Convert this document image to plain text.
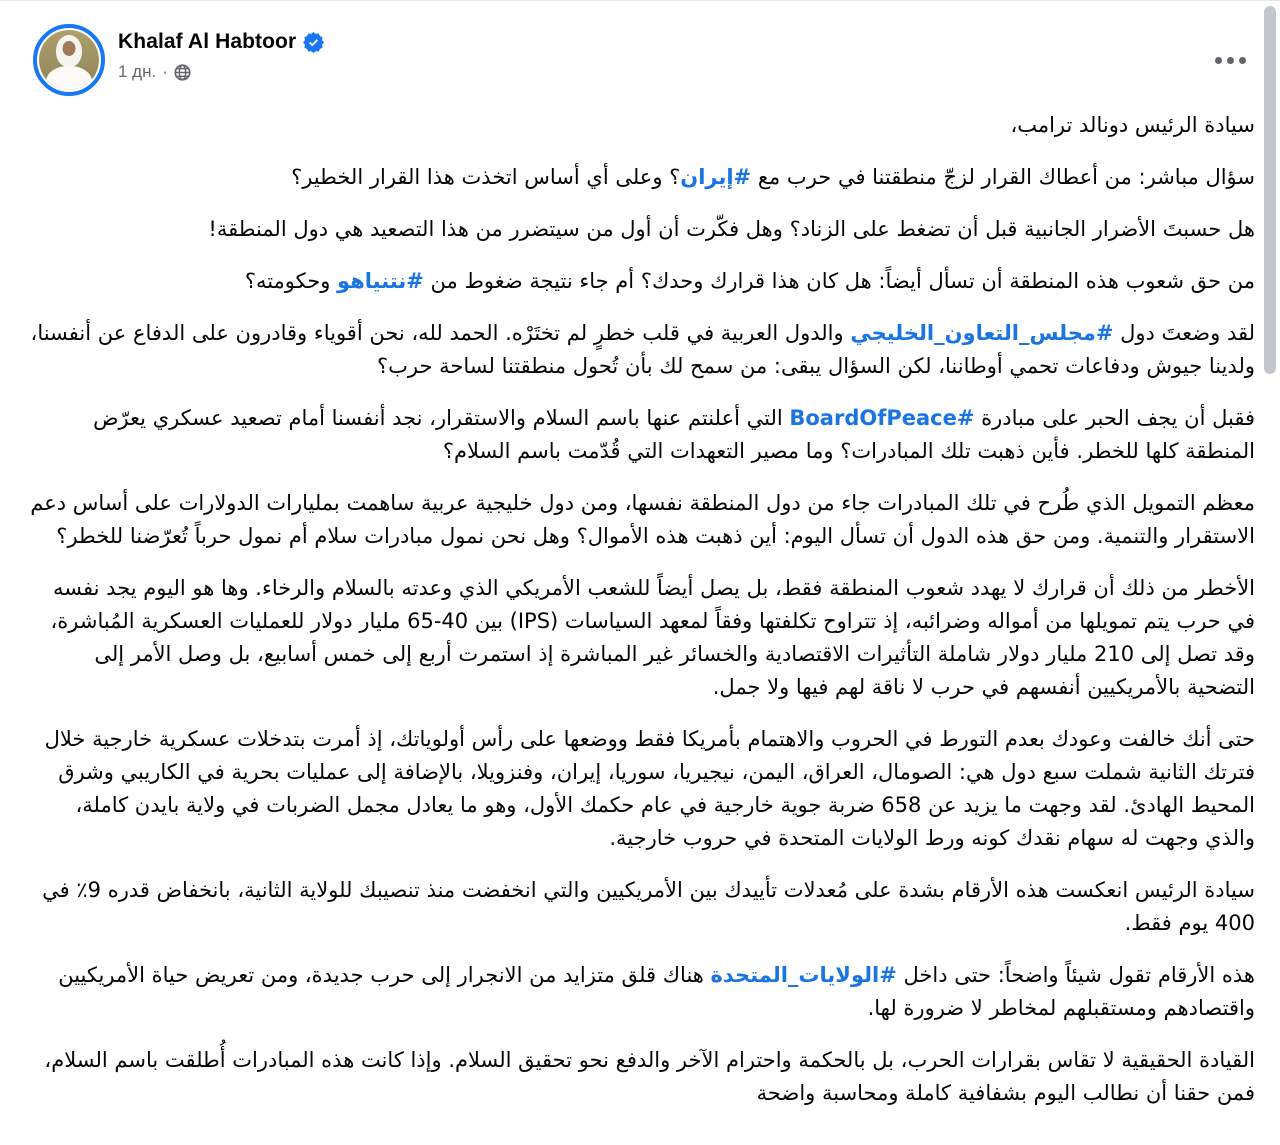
Khalaf Al Habtoor
1 дн. ·

سيادة الرئيس دونالد ترامب،

سؤال مباشر: من أعطاك القرار لزجّ منطقتنا في حرب مع #إيران؟ وعلى أي أساس اتخذت هذا القرار الخطير؟

هل حسبتَ الأضرار الجانبية قبل أن تضغط على الزناد؟ وهل فكّرت أن أول من سيتضرر من هذا التصعيد هي دول المنطقة!

من حق شعوب هذه المنطقة أن تسأل أيضاً: هل كان هذا قرارك وحدك؟ أم جاء نتيجة ضغوط من #نتنياهو وحكومته؟

لقد وضعتَ دول #مجلس_التعاون_الخليجي والدول العربية في قلب خطرٍ لم تختَرْه. الحمد لله، نحن أقوياء وقادرون على الدفاع عن أنفسنا، ولدينا جيوش ودفاعات تحمي أوطاننا، لكن السؤال يبقى: من سمح لك بأن تُحول منطقتنا لساحة حرب؟

فقبل أن يجف الحبر على مبادرة #BoardOfPeace التي أعلنتم عنها باسم السلام والاستقرار، نجد أنفسنا أمام تصعيد عسكري يعرّض المنطقة كلها للخطر. فأين ذهبت تلك المبادرات؟ وما مصير التعهدات التي قُدّمت باسم السلام؟

معظم التمويل الذي طُرح في تلك المبادرات جاء من دول المنطقة نفسها، ومن دول خليجية عربية ساهمت بمليارات الدولارات على أساس دعم الاستقرار والتنمية. ومن حق هذه الدول أن تسأل اليوم: أين ذهبت هذه الأموال؟ وهل نحن نمول مبادرات سلام أم نمول حرباً تُعرّضنا للخطر؟

الأخطر من ذلك أن قرارك لا يهدد شعوب المنطقة فقط، بل يصل أيضاً للشعب الأمريكي الذي وعدته بالسلام والرخاء. وها هو اليوم يجد نفسه في حرب يتم تمويلها من أمواله وضرائبه، إذ تتراوح تكلفتها وفقاً لمعهد السياسات (IPS) بين 40-65 مليار دولار للعمليات العسكرية المُباشرة، وقد تصل إلى 210 مليار دولار شاملة التأثيرات الاقتصادية والخسائر غير المباشرة إذ استمرت أربع إلى خمس أسابيع، بل وصل الأمر إلى التضحية بالأمريكيين أنفسهم في حرب لا ناقة لهم فيها ولا جمل.

حتى أنك خالفت وعودك بعدم التورط في الحروب والاهتمام بأمريكا فقط ووضعها على رأس أولوياتك، إذ أمرت بتدخلات عسكرية خارجية خلال فترتك الثانية شملت سبع دول هي: الصومال، العراق، اليمن، نيجيريا، سوريا، إيران، وفنزويلا، بالإضافة إلى عمليات بحرية في الكاريبي وشرق المحيط الهادئ. لقد وجهت ما يزيد عن 658 ضربة جوية خارجية في عام حكمك الأول، وهو ما يعادل مجمل الضربات في ولاية بايدن كاملة، والذي وجهت له سهام نقدك كونه ورط الولايات المتحدة في حروب خارجية.

سيادة الرئيس انعكست هذه الأرقام بشدة على مُعدلات تأييدك بين الأمريكيين والتي انخفضت منذ تنصيبك للولاية الثانية، بانخفاض قدره 9٪ في 400 يوم فقط.

هذه الأرقام تقول شيئاً واضحاً: حتى داخل #الولايات_المتحدة هناك قلق متزايد من الانجرار إلى حرب جديدة، ومن تعريض حياة الأمريكيين واقتصادهم ومستقبلهم لمخاطر لا ضرورة لها.

القيادة الحقيقية لا تقاس بقرارات الحرب، بل بالحكمة واحترام الآخر والدفع نحو تحقيق السلام. وإذا كانت هذه المبادرات أُطلقت باسم السلام، فمن حقنا أن نطالب اليوم بشفافية كاملة ومحاسبة واضحة
